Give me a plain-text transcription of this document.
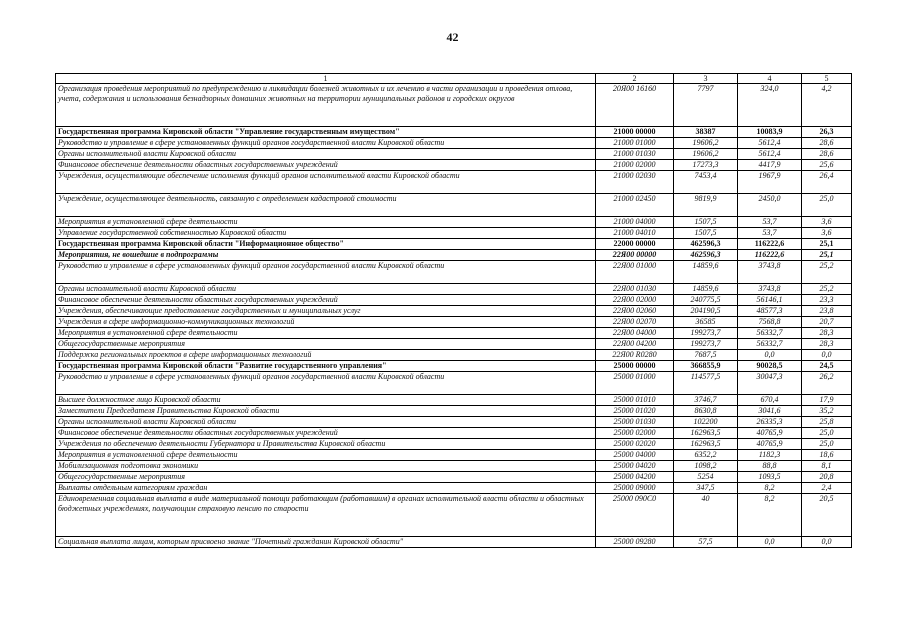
42
1	2	3	4	5
Организация проведения мероприятий по предупреждению и ликвидации болезней животных и их лечению в части организации и проведения отлова, учета, содержания и использования безнадзорных домашних животных на территории муниципальных районов и городских округов	20Я00 16160	7797	324,0	4,2
Государственная программа Кировской области "Управление государственным имуществом"	21000 00000	38387	10083,9	26,3
Руководство и управление в сфере установленных функций органов государственной власти Кировской области	21000 01000	19606,2	5612,4	28,6
Органы исполнительной власти Кировской области	21000 01030	19606,2	5612,4	28,6
Финансовое обеспечение деятельности областных государственных учреждений	21000 02000	17273,3	4417,9	25,6
Учреждения, осуществляющие обеспечение исполнения функций органов исполнительной власти Кировской области	21000 02030	7453,4	1967,9	26,4
Учреждение, осуществляющее деятельность, связанную с определением кадастровой стоимости	21000 02450	9819,9	2450,0	25,0
Мероприятия в установленной сфере деятельности	21000 04000	1507,5	53,7	3,6
Управление государственной собственностью Кировской области	21000 04010	1507,5	53,7	3,6
Государственная программа Кировской области "Информационное общество"	22000 00000	462596,3	116222,6	25,1
Мероприятия, не вошедшие в подпрограммы	22Я00 00000	462596,3	116222,6	25,1
Руководство и управление в сфере установленных функций органов государственной власти Кировской области	22Я00 01000	14859,6	3743,8	25,2
Органы исполнительной власти Кировской области	22Я00 01030	14859,6	3743,8	25,2
Финансовое обеспечение деятельности областных государственных учреждений	22Я00 02000	240775,5	56146,1	23,3
Учреждения, обеспечивающие предоставление государственных и муниципальных услуг	22Я00 02060	204190,5	48577,3	23,8
Учреждения в сфере информационно-коммуникационных технологий	22Я00 02070	36585	7568,8	20,7
Мероприятия в установленной сфере деятельности	22Я00 04000	199273,7	56332,7	28,3
Общегосударственные мероприятия	22Я00 04200	199273,7	56332,7	28,3
Поддержка региональных проектов в сфере информационных технологий	22Я00 R0280	7687,5	0,0	0,0
Государственная программа Кировской области "Развитие государственного управления"	25000 00000	366855,9	90028,5	24,5
Руководство и управление в сфере установленных функций органов государственной власти Кировской области	25000 01000	114577,5	30047,3	26,2
Высшее должностное лицо Кировской области	25000 01010	3746,7	670,4	17,9
Заместители Председателя Правительства Кировской области	25000 01020	8630,8	3041,6	35,2
Органы исполнительной власти Кировской области	25000 01030	102200	26335,3	25,8
Финансовое обеспечение деятельности областных государственных учреждений	25000 02000	162963,5	40765,9	25,0
Учреждения по обеспечению деятельности Губернатора и Правительства Кировской области	25000 02020	162963,5	40765,9	25,0
Мероприятия в установленной сфере деятельности	25000 04000	6352,2	1182,3	18,6
Мобилизационная подготовка экономики	25000 04020	1098,2	88,8	8,1
Общегосударственные мероприятия	25000 04200	5254	1093,5	20,8
Выплаты отдельным категориям граждан	25000 09000	347,5	8,2	2,4
Единовременная социальная выплата в виде материальной помощи работающим (работавшим) в органах исполнительной власти области и областных бюджетных учреждениях, получающим страховую пенсию по старости	25000 090С0	40	8,2	20,5
Социальная выплата лицам, которым присвоено звание "Почетный гражданин Кировской области"	25000 09280	57,5	0,0	0,0
